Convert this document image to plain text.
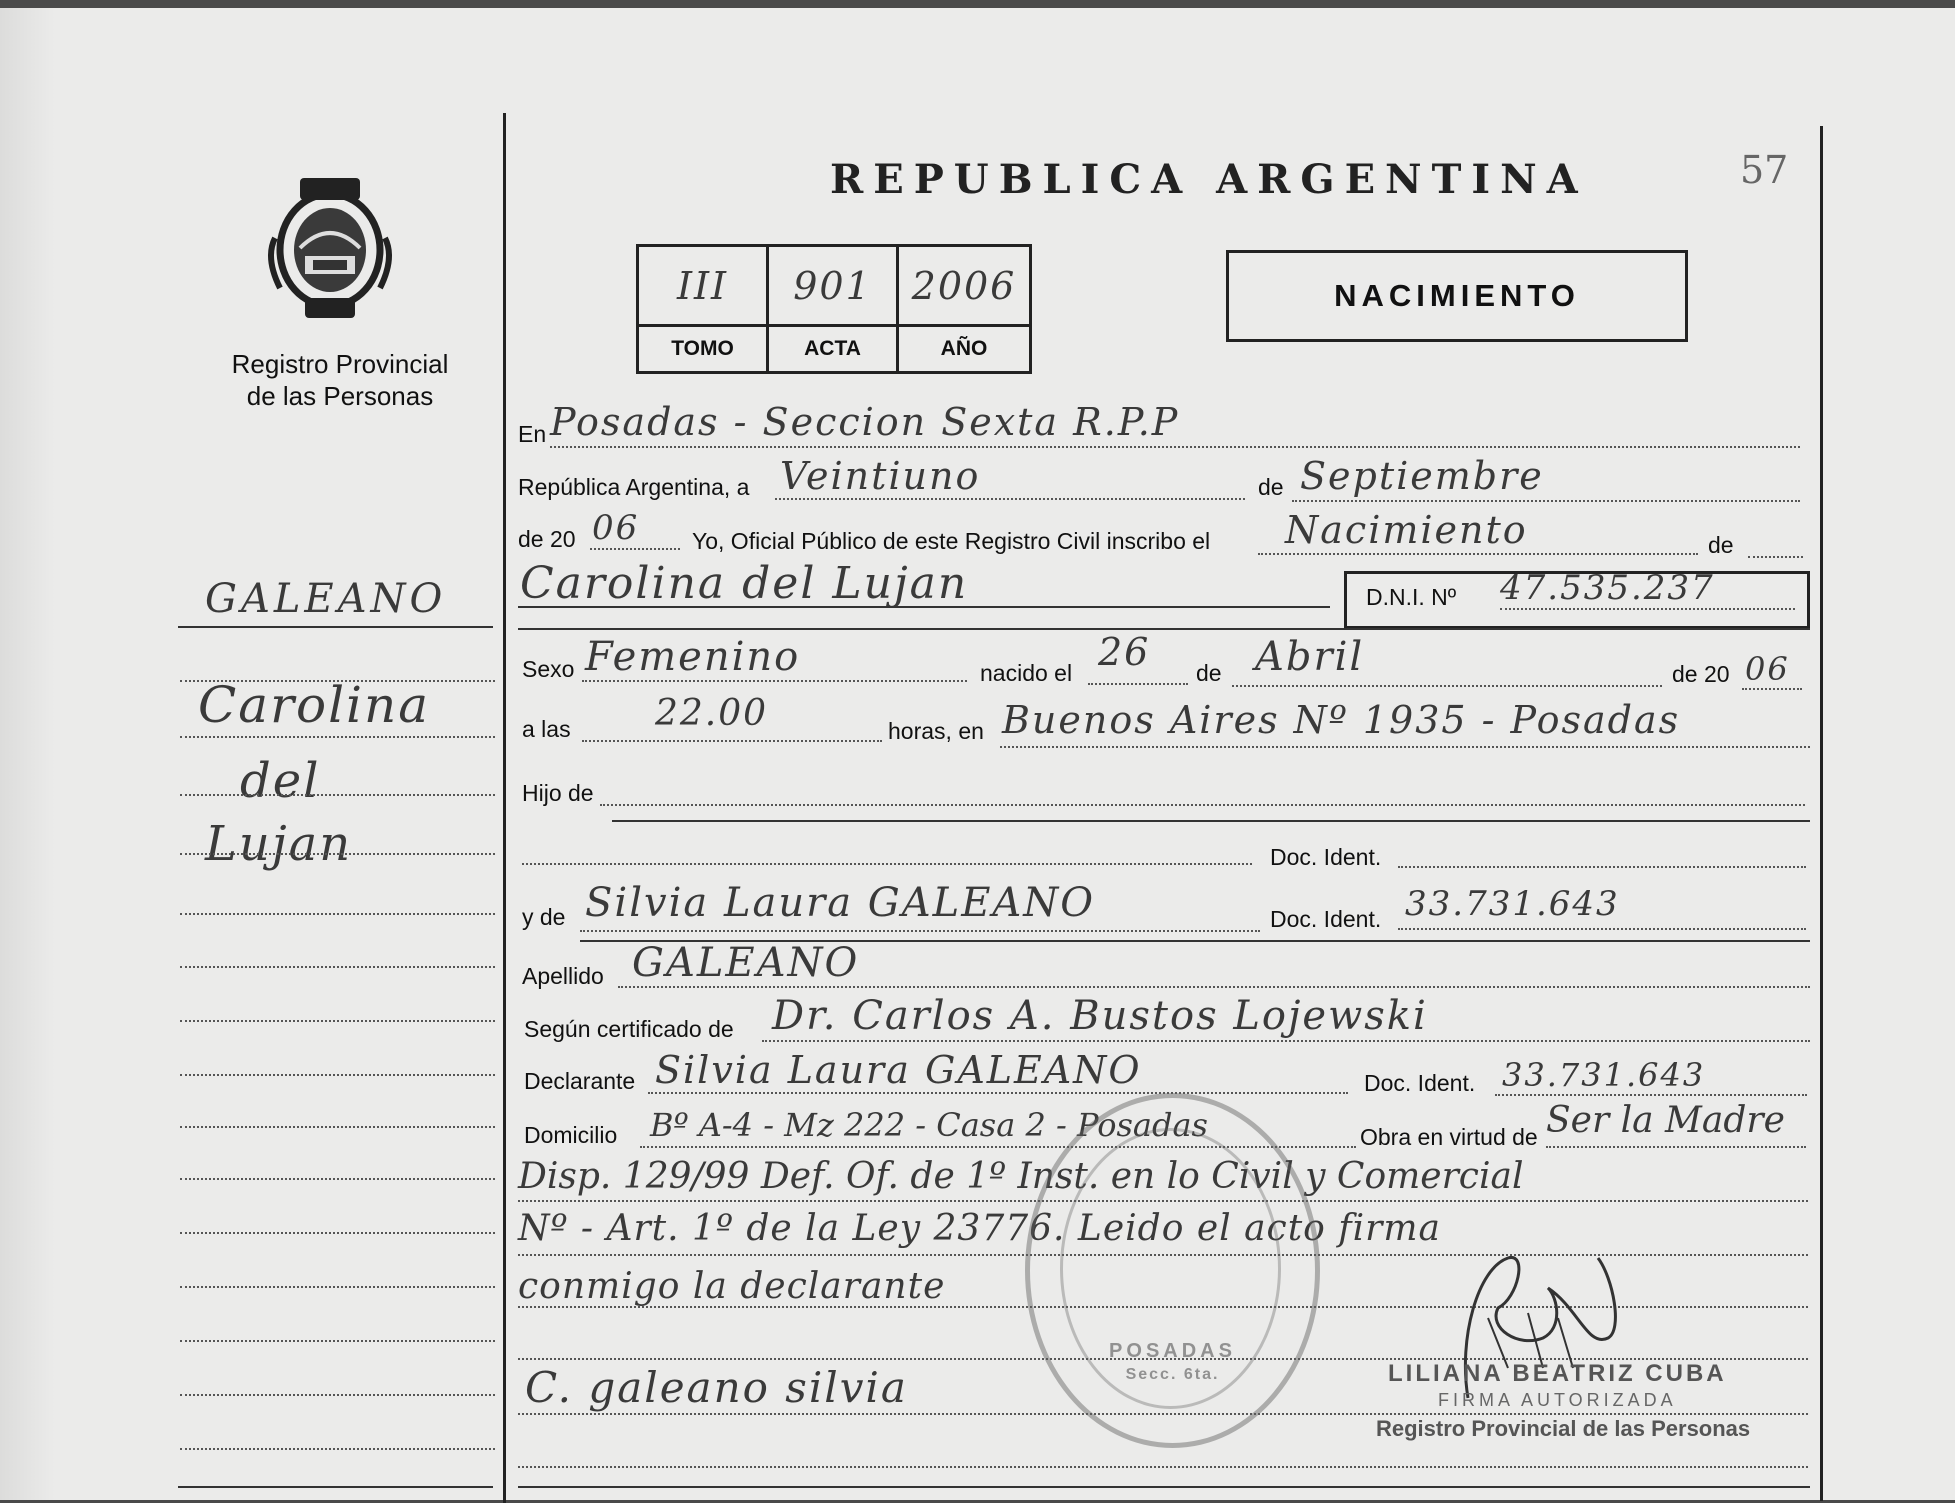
Registro Provincial
de las Personas
REPUBLICA ARGENTINA	57
III	901	2006
TOMO	ACTA	AÑO
NACIMIENTO
GALEANO
Carolina
del
Lujan
En Posadas - Seccion Sexta R.P.P
República Argentina, a Veintiuno	de Septiembre
de 20 06 Yo, Oficial Público de este Registro Civil inscribo el Nacimiento	de
Carolina del Lujan	D.N.I. Nº 47.535.237
Sexo Femenino	nacido el 26 de Abril	de 20 06
a las 22.00	horas, en Buenos Aires Nº 1935 - Posadas
Hijo de
Doc. Ident.
y de Silvia Laura GALEANO	Doc. Ident. 33.731.643
Apellido GALEANO
Según certificado de Dr. Carlos A. Bustos Lojewski
Declarante Silvia Laura GALEANO	Doc. Ident. 33.731.643
Domicilio Bº A-4 - Mz 222 - Casa 2 - Posadas	Obra en virtud de Ser la Madre
Disp. 129/99 Def. Of. de 1º Inst. en lo Civil y Comercial
Nº - Art. 1º de la Ley 23776. Leido el acto firma
conmigo la declarante
C. galeano silvia
POSADAS
Secc. 6ta.	LILIANA BEATRIZ CUBA
FIRMA AUTORIZADA
Registro Provincial de las Personas
